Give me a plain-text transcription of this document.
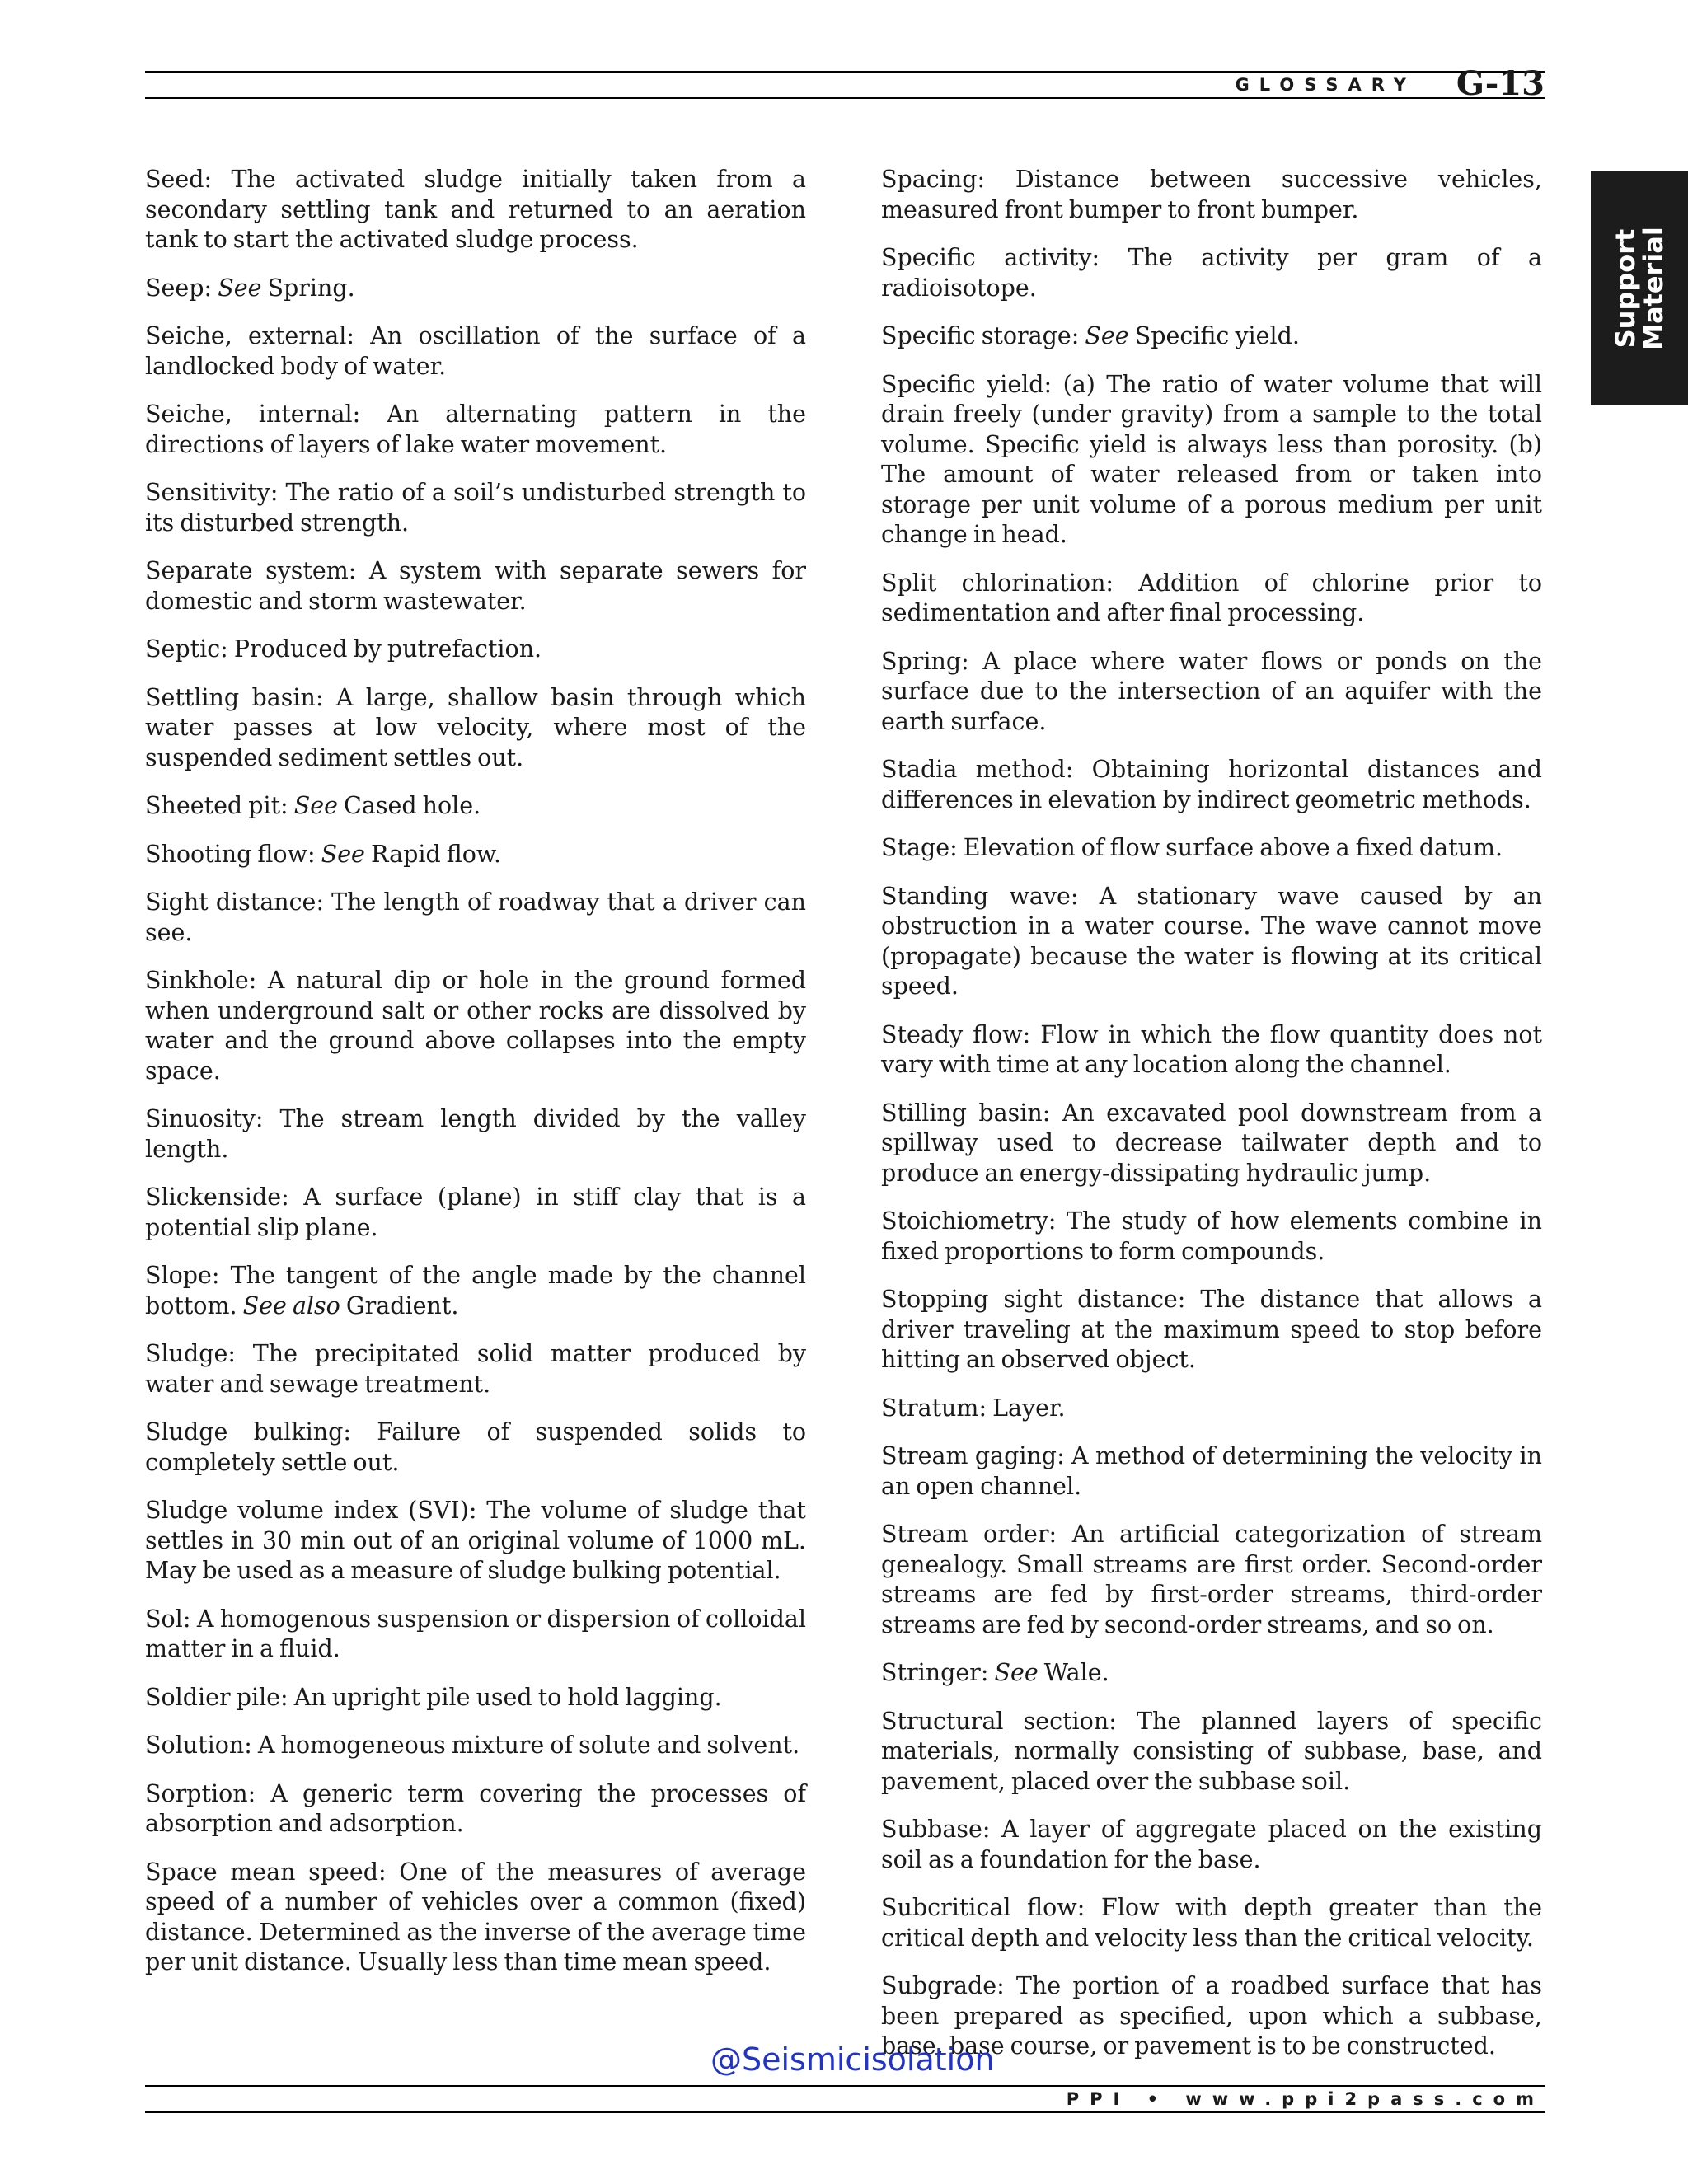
GLOSSARY G-13
Support
Material

Seed: The activated sludge initially taken from a secondary settling tank and returned to an aeration tank to start the activated sludge process.

Seep: See Spring.

Seiche, external: An oscillation of the surface of a landlocked body of water.

Seiche, internal: An alternating pattern in the directions of layers of lake water movement.

Sensitivity: The ratio of a soil’s undisturbed strength to its disturbed strength.

Separate system: A system with separate sewers for domestic and storm wastewater.

Septic: Produced by putrefaction.

Settling basin: A large, shallow basin through which water passes at low velocity, where most of the suspended sediment settles out.

Sheeted pit: See Cased hole.

Shooting flow: See Rapid flow.

Sight distance: The length of roadway that a driver can see.

Sinkhole: A natural dip or hole in the ground formed when underground salt or other rocks are dissolved by water and the ground above collapses into the empty space.

Sinuosity: The stream length divided by the valley length.

Slickenside: A surface (plane) in stiff clay that is a potential slip plane.

Slope: The tangent of the angle made by the channel bottom. See also Gradient.

Sludge: The precipitated solid matter produced by water and sewage treatment.

Sludge bulking: Failure of suspended solids to completely settle out.

Sludge volume index (SVI): The volume of sludge that settles in 30 min out of an original volume of 1000 mL. May be used as a measure of sludge bulking potential.

Sol: A homogenous suspension or dispersion of colloidal matter in a fluid.

Soldier pile: An upright pile used to hold lagging.

Solution: A homogeneous mixture of solute and solvent.

Sorption: A generic term covering the processes of absorption and adsorption.

Space mean speed: One of the measures of average speed of a number of vehicles over a common (fixed) distance. Determined as the inverse of the average time per unit distance. Usually less than time mean speed.

Spacing: Distance between successive vehicles, measured front bumper to front bumper.

Specific activity: The activity per gram of a radioisotope.

Specific storage: See Specific yield.

Specific yield: (a) The ratio of water volume that will drain freely (under gravity) from a sample to the total volume. Specific yield is always less than porosity. (b) The amount of water released from or taken into storage per unit volume of a porous medium per unit change in head.

Split chlorination: Addition of chlorine prior to sedimentation and after final processing.

Spring: A place where water flows or ponds on the surface due to the intersection of an aquifer with the earth surface.

Stadia method: Obtaining horizontal distances and differences in elevation by indirect geometric methods.

Stage: Elevation of flow surface above a fixed datum.

Standing wave: A stationary wave caused by an obstruction in a water course. The wave cannot move (propagate) because the water is flowing at its critical speed.

Steady flow: Flow in which the flow quantity does not vary with time at any location along the channel.

Stilling basin: An excavated pool downstream from a spillway used to decrease tailwater depth and to produce an energy-dissipating hydraulic jump.

Stoichiometry: The study of how elements combine in fixed proportions to form compounds.

Stopping sight distance: The distance that allows a driver traveling at the maximum speed to stop before hitting an observed object.

Stratum: Layer.

Stream gaging: A method of determining the velocity in an open channel.

Stream order: An artificial categorization of stream genealogy. Small streams are first order. Second-order streams are fed by first-order streams, third-order streams are fed by second-order streams, and so on.

Stringer: See Wale.

Structural section: The planned layers of specific materials, normally consisting of subbase, base, and pavement, placed over the subbase soil.

Subbase: A layer of aggregate placed on the existing soil as a foundation for the base.

Subcritical flow: Flow with depth greater than the critical depth and velocity less than the critical velocity.

Subgrade: The portion of a roadbed surface that has been prepared as specified, upon which a subbase, base, base course, or pavement is to be constructed.

@Seismicisolation
PPI • www.ppi2pass.com
